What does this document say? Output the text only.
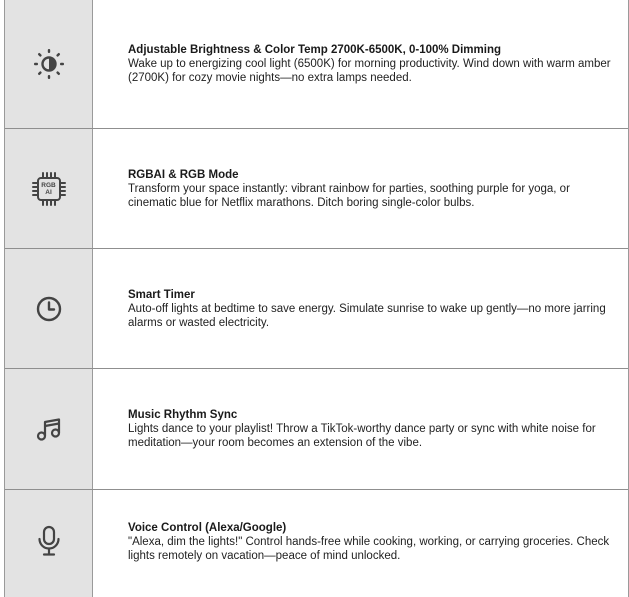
Adjustable Brightness & Color Temp 2700K-6500K, 0-100% Dimming

Wake up to energizing cool light (6500K) for morning productivity. Wind down with warm amber (2700K) for cozy movie nights—no extra lamps needed.

RGB
AI

RGBAI & RGB Mode

Transform your space instantly: vibrant rainbow for parties, soothing purple for yoga, or cinematic blue for Netflix marathons. Ditch boring single-color bulbs.

Smart Timer

Auto-off lights at bedtime to save energy. Simulate sunrise to wake up gently—no more jarring alarms or wasted electricity.

Music Rhythm Sync

Lights dance to your playlist! Throw a TikTok-worthy dance party or sync with white noise for meditation—your room becomes an extension of the vibe.

Voice Control (Alexa/Google)

"Alexa, dim the lights!" Control hands-free while cooking, working, or carrying groceries. Check lights remotely on vacation—peace of mind unlocked.
